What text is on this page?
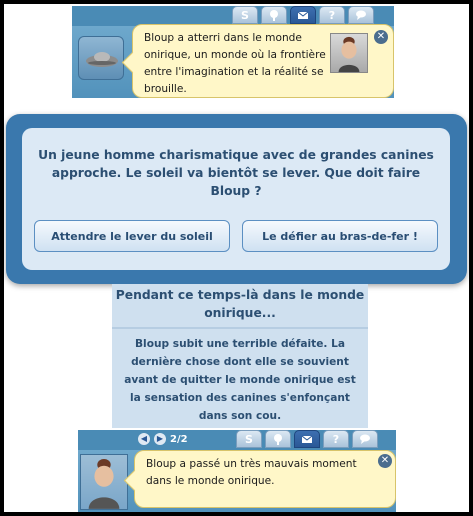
S	?
Bloup a atterri dans le monde onirique, un monde où la frontière entre l'imagination et la réalité se brouille.
✕
Un jeune homme charismatique avec de grandes canines approche. Le soleil va bientôt se lever. Que doit faire Bloup ?
Attendre le lever du soleil	Le défier au bras-de-fer !
Pendant ce temps-là dans le monde onirique...
Bloup subit une terrible défaite. La dernière chose dont elle se souvient avant de quitter le monde onirique est la sensation des canines s'enfonçant dans son cou.
◀	▶ 2/2	S	?
Bloup a passé un très mauvais moment dans le monde onirique.
✕
